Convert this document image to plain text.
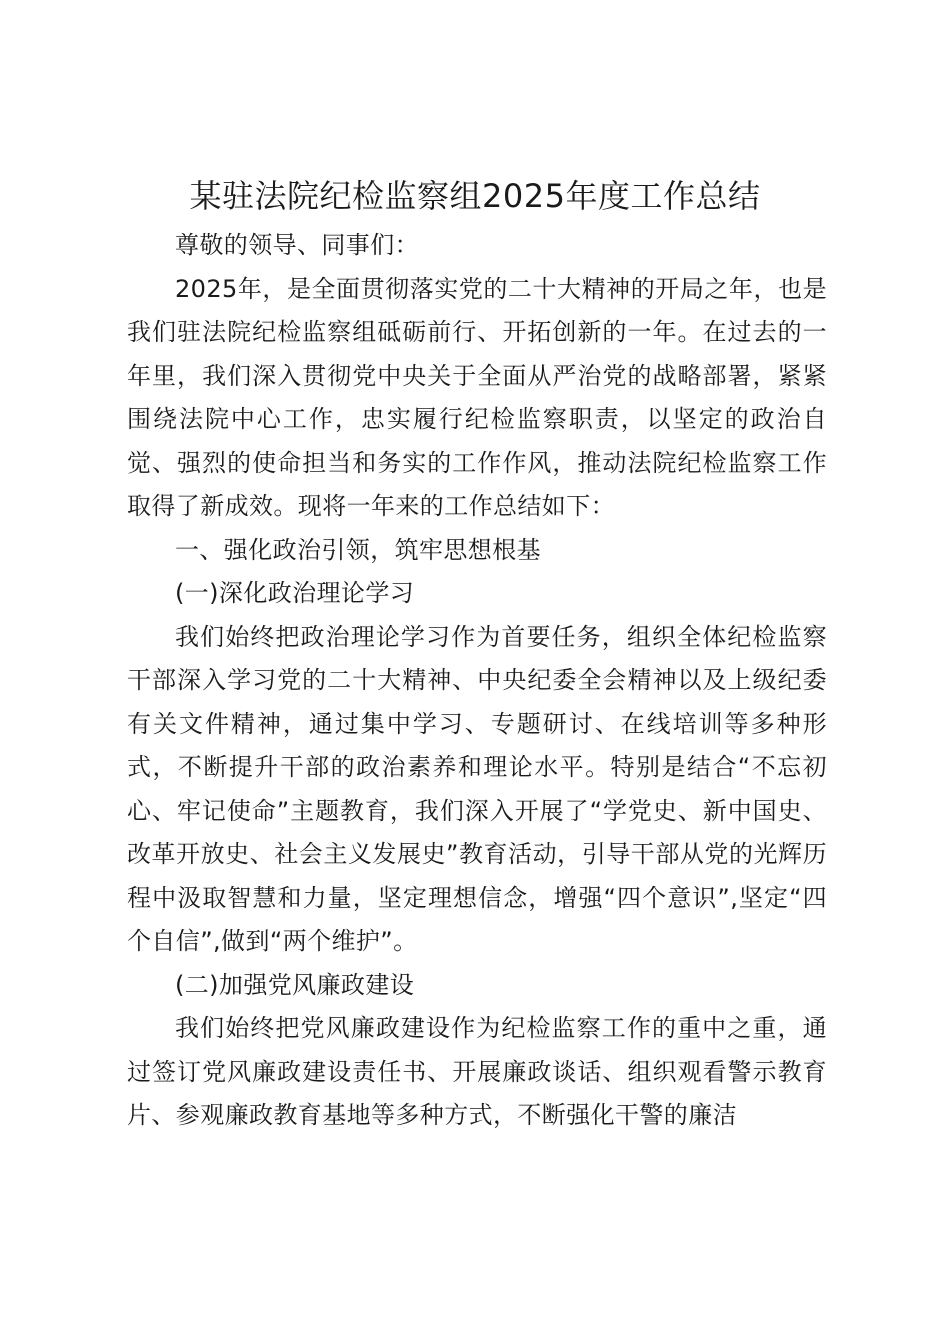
某驻法院纪检监察组2025年度工作总结

尊敬的领导、同事们：

2025年，是全面贯彻落实党的二十大精神的开局之年，也是我们驻法院纪检监察组砥砺前行、开拓创新的一年。在过去的一年里，我们深入贯彻党中央关于全面从严治党的战略部署，紧紧围绕法院中心工作，忠实履行纪检监察职责，以坚定的政治自觉、强烈的使命担当和务实的工作作风，推动法院纪检监察工作取得了新成效。现将一年来的工作总结如下：

一、强化政治引领，筑牢思想根基

(一)深化政治理论学习

我们始终把政治理论学习作为首要任务，组织全体纪检监察干部深入学习党的二十大精神、中央纪委全会精神以及上级纪委有关文件精神，通过集中学习、专题研讨、在线培训等多种形式，不断提升干部的政治素养和理论水平。特别是结合“不忘初心、牢记使命”主题教育，我们深入开展了“学党史、新中国史、改革开放史、社会主义发展史”教育活动，引导干部从党的光辉历程中汲取智慧和力量，坚定理想信念，增强“四个意识”,坚定“四个自信”,做到“两个维护”。

(二)加强党风廉政建设

我们始终把党风廉政建设作为纪检监察工作的重中之重，通过签订党风廉政建设责任书、开展廉政谈话、组织观看警示教育片、参观廉政教育基地等多种方式，不断强化干警的廉洁
